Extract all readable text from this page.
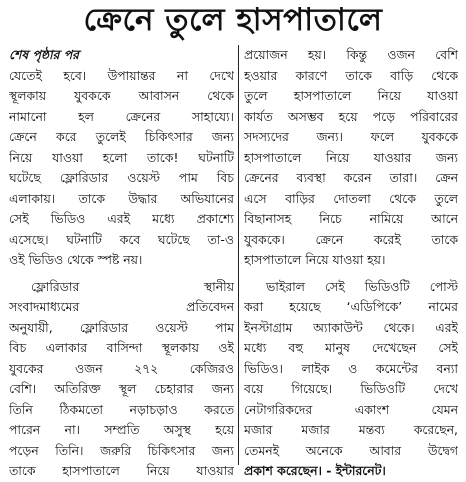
ক্রেনে তুলে হাসপাতালে
শেষ পৃষ্ঠার পর
যেতেই হবে। উপায়ান্তর না দেখে
স্থূলকায় যুবককে আবাসন থেকে
নামানো হল ক্রেনের সাহায্যে।
ক্রেনে করে তুলেই চিকিৎসার জন্য
নিয়ে যাওয়া হলো তাকে! ঘটনাটি
ঘটেছে ফ্লোরিডার ওয়েস্ট পাম বিচ
এলাকায়। তাকে উদ্ধার অভিযানের
সেই ভিডিও এরই মধ্যে প্রকাশ্যে
এসেছে। ঘটনাটি কবে ঘটেছে তা-ও
ওই ভিডিও থেকে স্পষ্ট নয়।
ফ্লোরিডার স্থানীয়
সংবাদমাধ্যমের প্রতিবেদন
অনুযায়ী, ফ্লোরিডার ওয়েস্ট পাম
বিচ এলাকার বাসিন্দা স্থূলকায় ওই
যুবকের ওজন ২৭২ কেজিরও
বেশি। অতিরিক্ত স্থূল চেহারার জন্য
তিনি ঠিকমতো নড়াচড়াও করতে
পারেন না। সম্প্রতি অসুস্থ হয়ে
পড়েন তিনি। জরুরি চিকিৎসার জন্য
তাকে হাসপাতালে নিয়ে যাওয়ার
প্রয়োজন হয়। কিন্তু ওজন বেশি
হওয়ার কারণে তাকে বাড়ি থেকে
তুলে হাসপাতালে নিয়ে যাওয়া
কার্যত অসম্ভব হয়ে পড়ে পরিবারের
সদস্যদের জন্য। ফলে যুবককে
হাসপাতালে নিয়ে যাওয়ার জন্য
ক্রেনের ব্যবস্থা করেন তারা। ক্রেন
এসে বাড়ির দোতলা থেকে তুলে
বিছানাসহ নিচে নামিয়ে আনে
যুবককে। ক্রেনে করেই তাকে
হাসপাতালে নিয়ে যাওয়া হয়।
ভাইরাল সেই ভিডিওটি পোস্ট
করা হয়েছে ‘এডিপিকে’ নামের
ইনস্টাগ্রাম অ্যাকাউন্ট থেকে। এরই
মধ্যে বহু মানুষ দেখেছেন সেই
ভিডিও। লাইক ও কমেন্টের বন্যা
বয়ে গিয়েছে। ভিডিওটি দেখে
নেটাগরিকদের একাংশ যেমন
মজার মজার মন্তব্য করেছেন,
তেমনই অনেকে আবার উদ্বেগ
প্রকাশ করেছেন। - ইন্টারনেট।
